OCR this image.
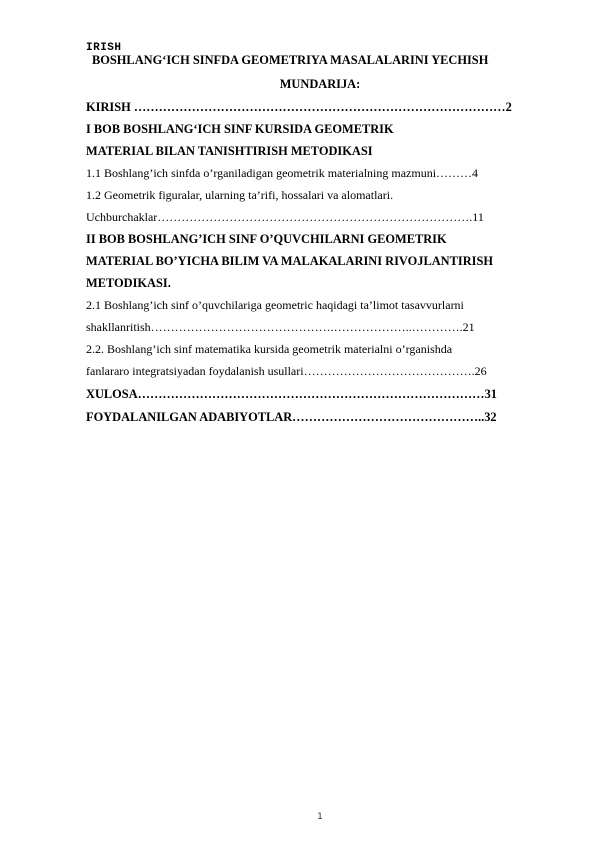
IRISH
BOSHLANG‘ICH SINFDA GEOMETRIYA MASALALARINI YECHISH
MUNDARIJA:
KIRISH ………………………………………………………………………………2
I BOB BOSHLANG‘ICH SINF KURSIDA GEOMETRIK
MATERIAL BILAN TANISHTIRISH METODIKASI
1.1 Boshlang’ich sinfda o’rganiladigan geometrik materialning mazmuni………4
1.2 Geometrik figuralar, ularning ta’rifi, hossalari va alomatlari.
Uchburchaklar…………………………………………………………………….11
II BOB BOSHLANG’ICH SINF O’QUVCHILARNI GEOMETRIK
MATERIAL BO’YICHA BILIM VA MALAKALARINI RIVOJLANTIRISH
METODIKASI.
2.1 Boshlang’ich sinf o’quvchilariga geometric haqidagi ta’limot tasavvurlarni
shakllanritish……………………………………….………………..………….21
2.2. Boshlang’ich sinf matematika kursida geometrik materialni o’rganishda
fanlararo integratsiyadan foydalanish usullari…………………………………….26
XULOSA…………………………………………………………………………31
FOYDALANILGAN ADABIYOTLAR………………………………………..32
1
